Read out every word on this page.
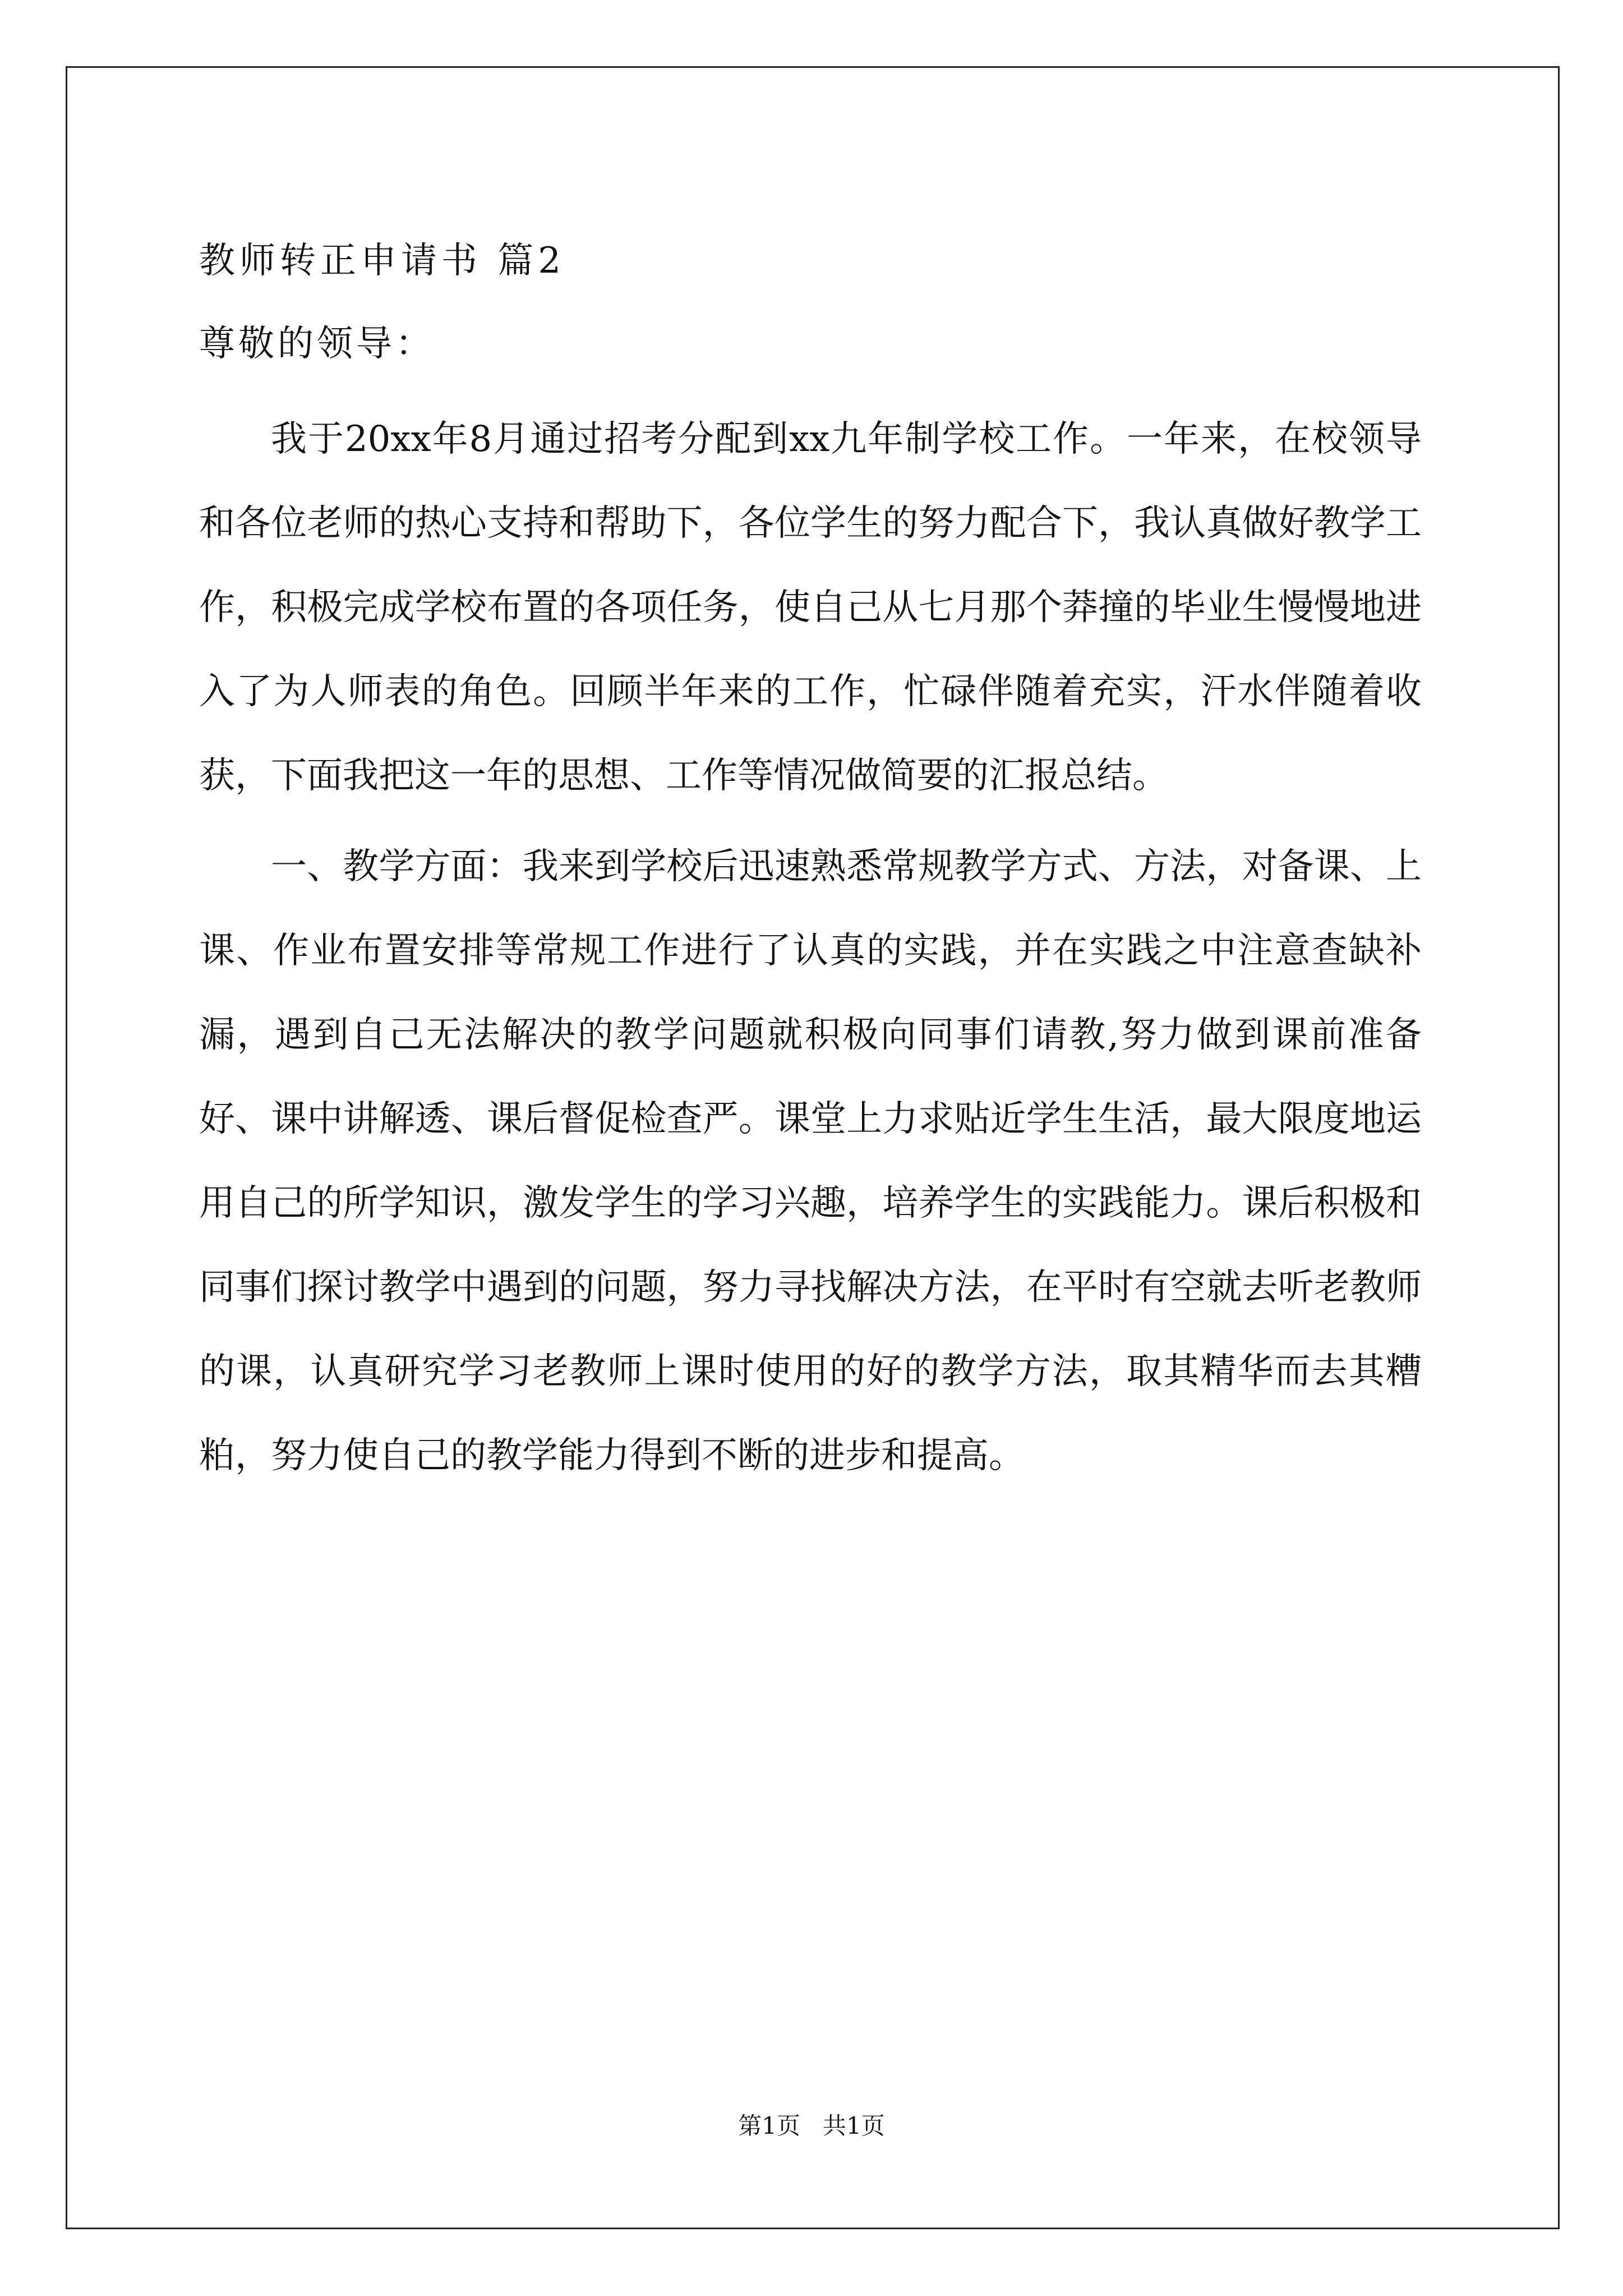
教师转正申请书 篇2

尊敬的领导：

我于20xx年8月通过招考分配到xx九年制学校工作。一年来，在校领导和各位老师的热心支持和帮助下，各位学生的努力配合下，我认真做好教学工作，积极完成学校布置的各项任务，使自己从七月那个莽撞的毕业生慢慢地进入了为人师表的角色。回顾半年来的工作，忙碌伴随着充实，汗水伴随着收获，下面我把这一年的思想、工作等情况做简要的汇报总结。

一、教学方面：我来到学校后迅速熟悉常规教学方式、方法，对备课、上课、作业布置安排等常规工作进行了认真的实践，并在实践之中注意查缺补漏，遇到自己无法解决的教学问题就积极向同事们请教,努力做到课前准备好、课中讲解透、课后督促检查严。课堂上力求贴近学生生活，最大限度地运用自己的所学知识，激发学生的学习兴趣，培养学生的实践能力。课后积极和同事们探讨教学中遇到的问题，努力寻找解决方法，在平时有空就去听老教师的课，认真研究学习老教师上课时使用的好的教学方法，取其精华而去其糟粕，努力使自己的教学能力得到不断的进步和提高。

第1页   共1页
